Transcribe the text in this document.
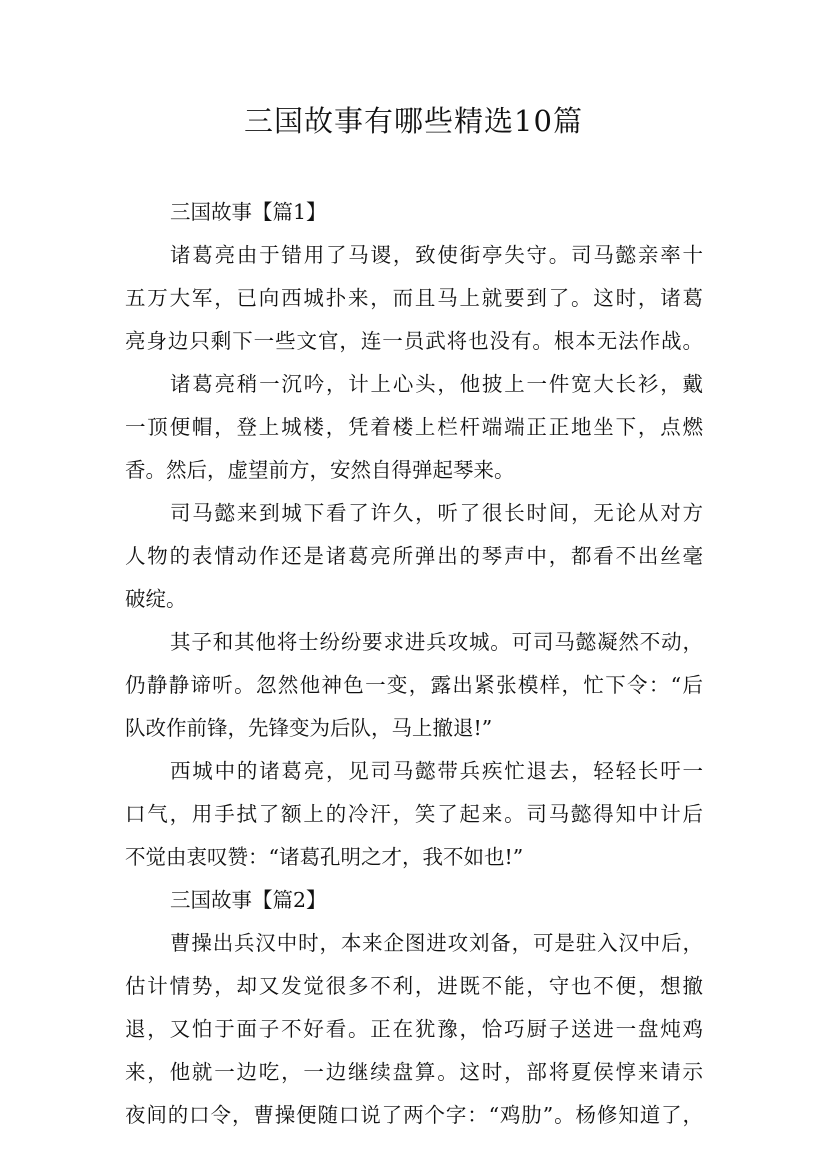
三国故事有哪些精选10篇
三国故事【篇1】
诸葛亮由于错用了马谡，致使街亭失守。司马懿亲率十
五万大军，已向西城扑来，而且马上就要到了。这时，诸葛
亮身边只剩下一些文官，连一员武将也没有。根本无法作战。
诸葛亮稍一沉吟，计上心头，他披上一件宽大长衫，戴
一顶便帽，登上城楼，凭着楼上栏杆端端正正地坐下，点燃
香。然后，虚望前方，安然自得弹起琴来。
司马懿来到城下看了许久，听了很长时间，无论从对方
人物的表情动作还是诸葛亮所弹出的琴声中，都看不出丝毫
破绽。
其子和其他将士纷纷要求进兵攻城。可司马懿凝然不动，
仍静静谛听。忽然他神色一变，露出紧张模样，忙下令：“后
队改作前锋，先锋变为后队，马上撤退!”
西城中的诸葛亮，见司马懿带兵疾忙退去，轻轻长吁一
口气，用手拭了额上的冷汗，笑了起来。司马懿得知中计后
不觉由衷叹赞：“诸葛孔明之才，我不如也!”
三国故事【篇2】
曹操出兵汉中时，本来企图进攻刘备，可是驻入汉中后，
估计情势，却又发觉很多不利，进既不能，守也不便，想撤
退，又怕于面子不好看。正在犹豫，恰巧厨子送进一盘炖鸡
来，他就一边吃，一边继续盘算。这时，部将夏侯惇来请示
夜间的口令，曹操便随口说了两个字：“鸡肋”。杨修知道了，
